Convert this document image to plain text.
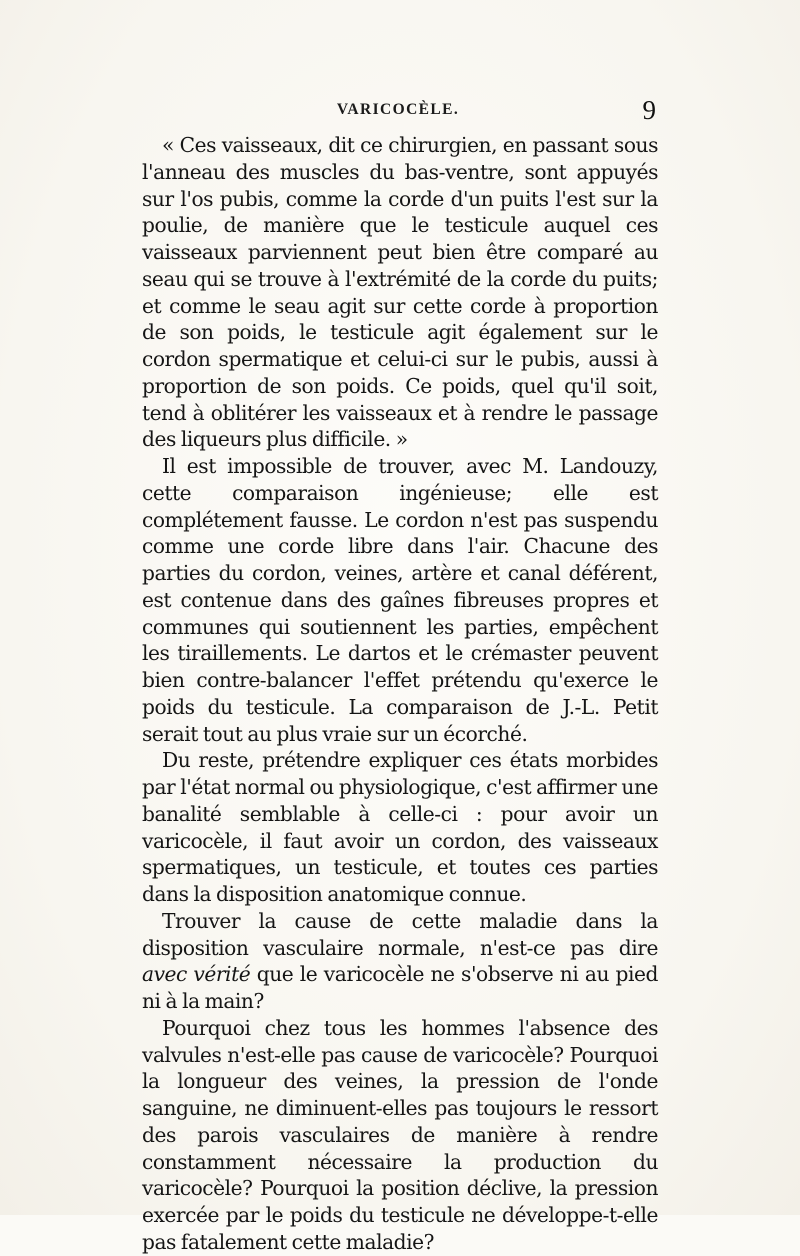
VARICOCÈLE.	9

« Ces vaisseaux, dit ce chirurgien, en passant sous l'anneau des muscles du bas-ventre, sont appuyés sur l'os pubis, comme la corde d'un puits l'est sur la poulie, de manière que le testicule auquel ces vaisseaux parviennent peut bien être comparé au seau qui se trouve à l'extrémité de la corde du puits; et comme le seau agit sur cette corde à proportion de son poids, le testicule agit également sur le cordon spermatique et celui-ci sur le pubis, aussi à proportion de son poids. Ce poids, quel qu'il soit, tend à oblitérer les vaisseaux et à rendre le passage des liqueurs plus difficile. »

Il est impossible de trouver, avec M. Landouzy, cette comparaison ingénieuse; elle est complétement fausse. Le cordon n'est pas suspendu comme une corde libre dans l'air. Chacune des parties du cordon, veines, artère et canal déférent, est contenue dans des gaînes fibreuses propres et communes qui soutiennent les parties, empêchent les tiraillements. Le dartos et le crémaster peuvent bien contre-balancer l'effet prétendu qu'exerce le poids du testicule. La comparaison de J.-L. Petit serait tout au plus vraie sur un écorché.

Du reste, prétendre expliquer ces états morbides par l'état normal ou physiologique, c'est affirmer une banalité semblable à celle-ci : pour avoir un varicocèle, il faut avoir un cordon, des vaisseaux spermatiques, un testicule, et toutes ces parties dans la disposition anatomique connue.

Trouver la cause de cette maladie dans la disposition vasculaire normale, n'est-ce pas dire avec vérité que le varicocèle ne s'observe ni au pied ni à la main?

Pourquoi chez tous les hommes l'absence des valvules n'est-elle pas cause de varicocèle? Pourquoi la longueur des veines, la pression de l'onde sanguine, ne diminuent-elles pas toujours le ressort des parois vasculaires de manière à rendre constamment nécessaire la production du varicocèle? Pourquoi la position déclive, la pression exercée par le poids du testicule ne développe-t-elle pas fatalement cette maladie?
